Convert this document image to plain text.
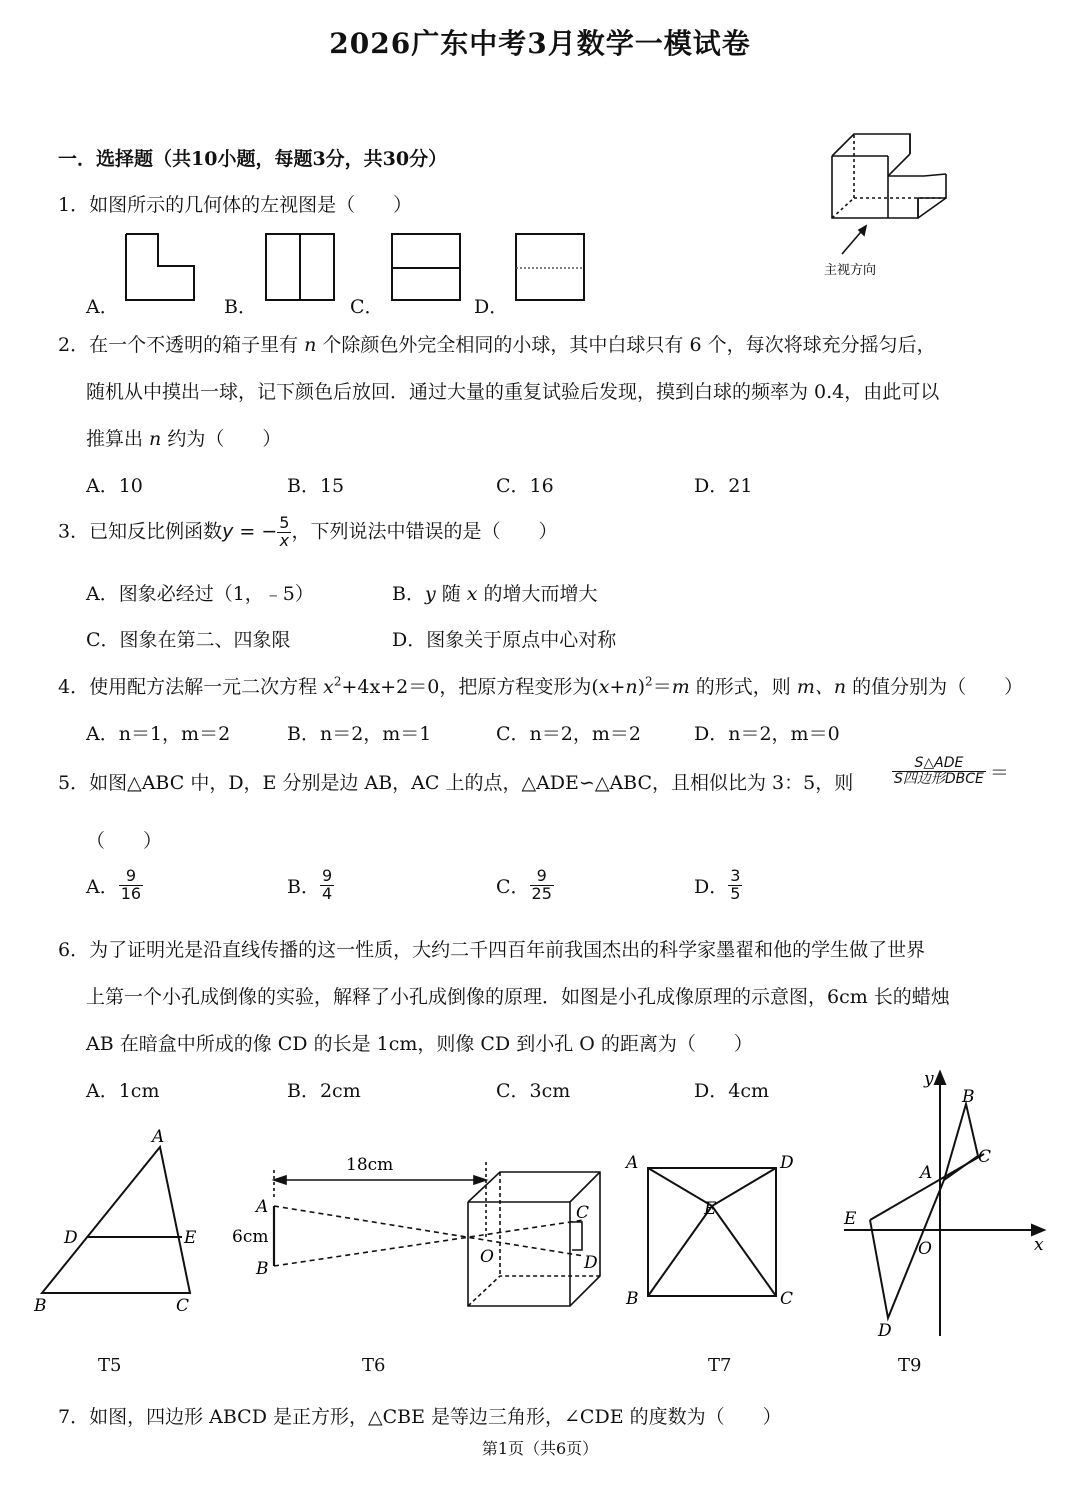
2026广东中考3月数学一模试卷
一．选择题（共10小题，每题3分，共30分）
1．如图所示的几何体的左视图是（　　）
主视方向
A．	B．	C．	D．
2．在一个不透明的箱子里有 n 个除颜色外完全相同的小球，其中白球只有 6 个，每次将球充分摇匀后，
随机从中摸出一球，记下颜色后放回．通过大量的重复试验后发现，摸到白球的频率为 0.4，由此可以
推算出 n 约为（　　）
A．10	B．15	C．16	D．21
3．已知反比例函数y = − $\frac{5}{x}$ ，下列说法中错误的是（　　）
A．图象必经过（1，﹣5）	B．y 随 x 的增大而增大
C．图象在第二、四象限	D．图象关于原点中心对称
4．使用配方法解一元二次方程 $x^2+4x+2=0$，把原方程变形为$(x+n)^2=m$ 的形式，则 m、n 的值分别为（　　）
A．n＝1，m＝2	B．n＝2，m＝1	C．n＝2，m＝2	D．n＝2，m＝0
5．如图△ABC 中，D，E 分别是边 AB，AC 上的点，△ADE∽△ABC，且相似比为 3：5，则	$\frac{\text{S△ADE}}{\text{S四边形DBCE}}$ ＝
（　　）
A． $\frac{9}{16}$	B． $\frac{9}{4}$	C． $\frac{9}{25}$	D． $\frac{3}{5}$
6．为了证明光是沿直线传播的这一性质，大约二千四百年前我国杰出的科学家墨翟和他的学生做了世界
上第一个小孔成倒像的实验，解释了小孔成倒像的原理．如图是小孔成像原理的示意图，6cm 长的蜡烛
AB 在暗盒中所成的像 CD 的长是 1cm，则像 CD 到小孔 O 的距离为（　　）
A．1cm	B．2cm	C．3cm	D．4cm
A
D	E
B	C
T5
18cm
6cm
A
B
C
D
O
T6
A	D
E
B	C
T7
y
x
B
C
A
E
O
D
T9
7．如图，四边形 ABCD 是正方形，△CBE 是等边三角形，∠CDE 的度数为（　　）
第1页（共6页）
